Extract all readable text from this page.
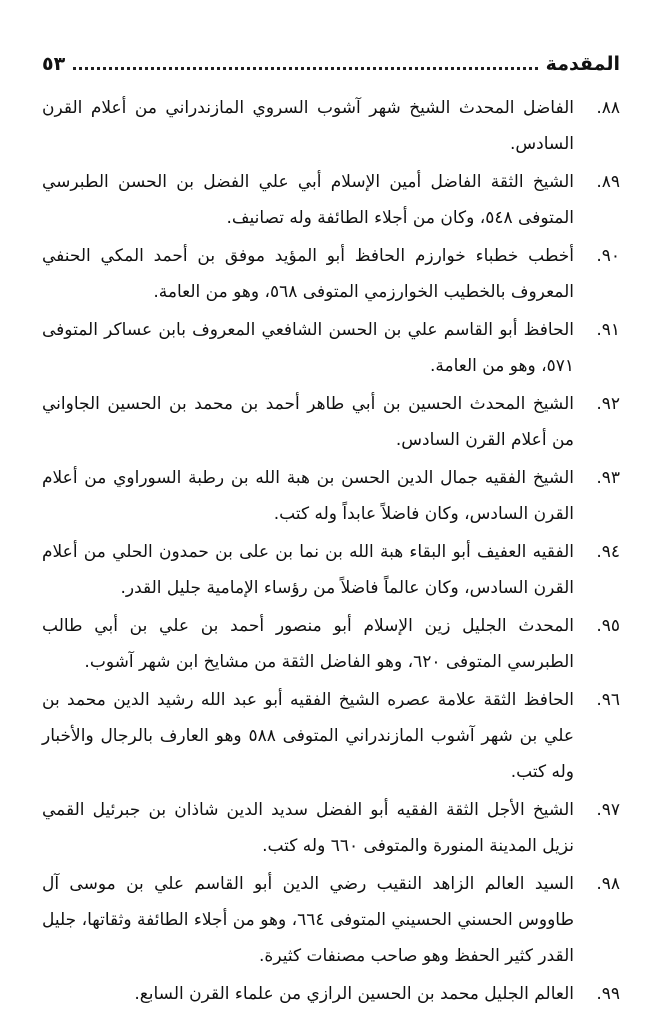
المقدمة
٥٣
٨٨.
الفاضل المحدث الشيخ شهر آشوب السروي المازندراني من أعلام القرن السادس.
٨٩.
الشيخ الثقة الفاضل أمين الإسلام أبي علي الفضل بن الحسن الطبرسي المتوفى ٥٤٨، وكان من أجلاء الطائفة وله تصانيف.
٩٠.
أخطب خطباء خوارزم الحافظ أبو المؤيد موفق بن أحمد المكي الحنفي المعروف بالخطيب الخوارزمي المتوفى ٥٦٨، وهو من العامة.
٩١.
الحافظ أبو القاسم علي بن الحسن الشافعي المعروف بابن عساكر المتوفى ٥٧١، وهو من العامة.
٩٢.
الشيخ المحدث الحسين بن أبي طاهر أحمد بن محمد بن الحسين الجاواني من أعلام القرن السادس.
٩٣.
الشيخ الفقيه جمال الدين الحسن بن هبة الله بن رطبة السوراوي من أعلام القرن السادس، وكان فاضلاً عابداً وله كتب.
٩٤.
الفقيه العفيف أبو البقاء هبة الله بن نما بن على بن حمدون الحلي من أعلام القرن السادس، وكان عالماً فاضلاً من رؤساء الإمامية جليل القدر.
٩٥.
المحدث الجليل زين الإسلام أبو منصور أحمد بن علي بن أبي طالب الطبرسي المتوفى ٦٢٠، وهو الفاضل الثقة من مشايخ ابن شهر آشوب.
٩٦.
الحافظ الثقة علامة عصره الشيخ الفقيه أبو عبد الله رشيد الدين محمد بن علي بن شهر آشوب المازندراني المتوفى ٥٨٨ وهو العارف بالرجال والأخبار وله كتب.
٩٧.
الشيخ الأجل الثقة الفقيه أبو الفضل سديد الدين شاذان بن جبرئيل القمي نزيل المدينة المنورة والمتوفى ٦٦٠ وله كتب.
٩٨.
السيد العالم الزاهد النقيب رضي الدين أبو القاسم علي بن موسى آل طاووس الحسني الحسيني المتوفى ٦٦٤، وهو من أجلاء الطائفة وثقاتها، جليل القدر كثير الحفظ وهو صاحب مصنفات كثيرة.
٩٩.
العالم الجليل محمد بن الحسين الرازي من علماء القرن السابع.
